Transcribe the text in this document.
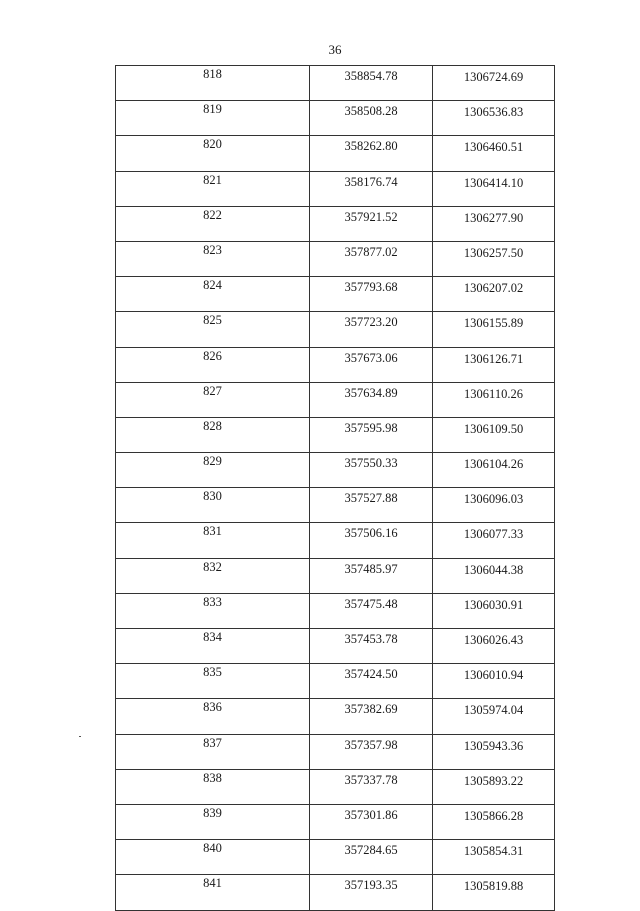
36
818	358854.78	1306724.69
819	358508.28	1306536.83
820	358262.80	1306460.51
821	358176.74	1306414.10
822	357921.52	1306277.90
823	357877.02	1306257.50
824	357793.68	1306207.02
825	357723.20	1306155.89
826	357673.06	1306126.71
827	357634.89	1306110.26
828	357595.98	1306109.50
829	357550.33	1306104.26
830	357527.88	1306096.03
831	357506.16	1306077.33
832	357485.97	1306044.38
833	357475.48	1306030.91
834	357453.78	1306026.43
835	357424.50	1306010.94
836	357382.69	1305974.04
837	357357.98	1305943.36
838	357337.78	1305893.22
839	357301.86	1305866.28
840	357284.65	1305854.31
841	357193.35	1305819.88
